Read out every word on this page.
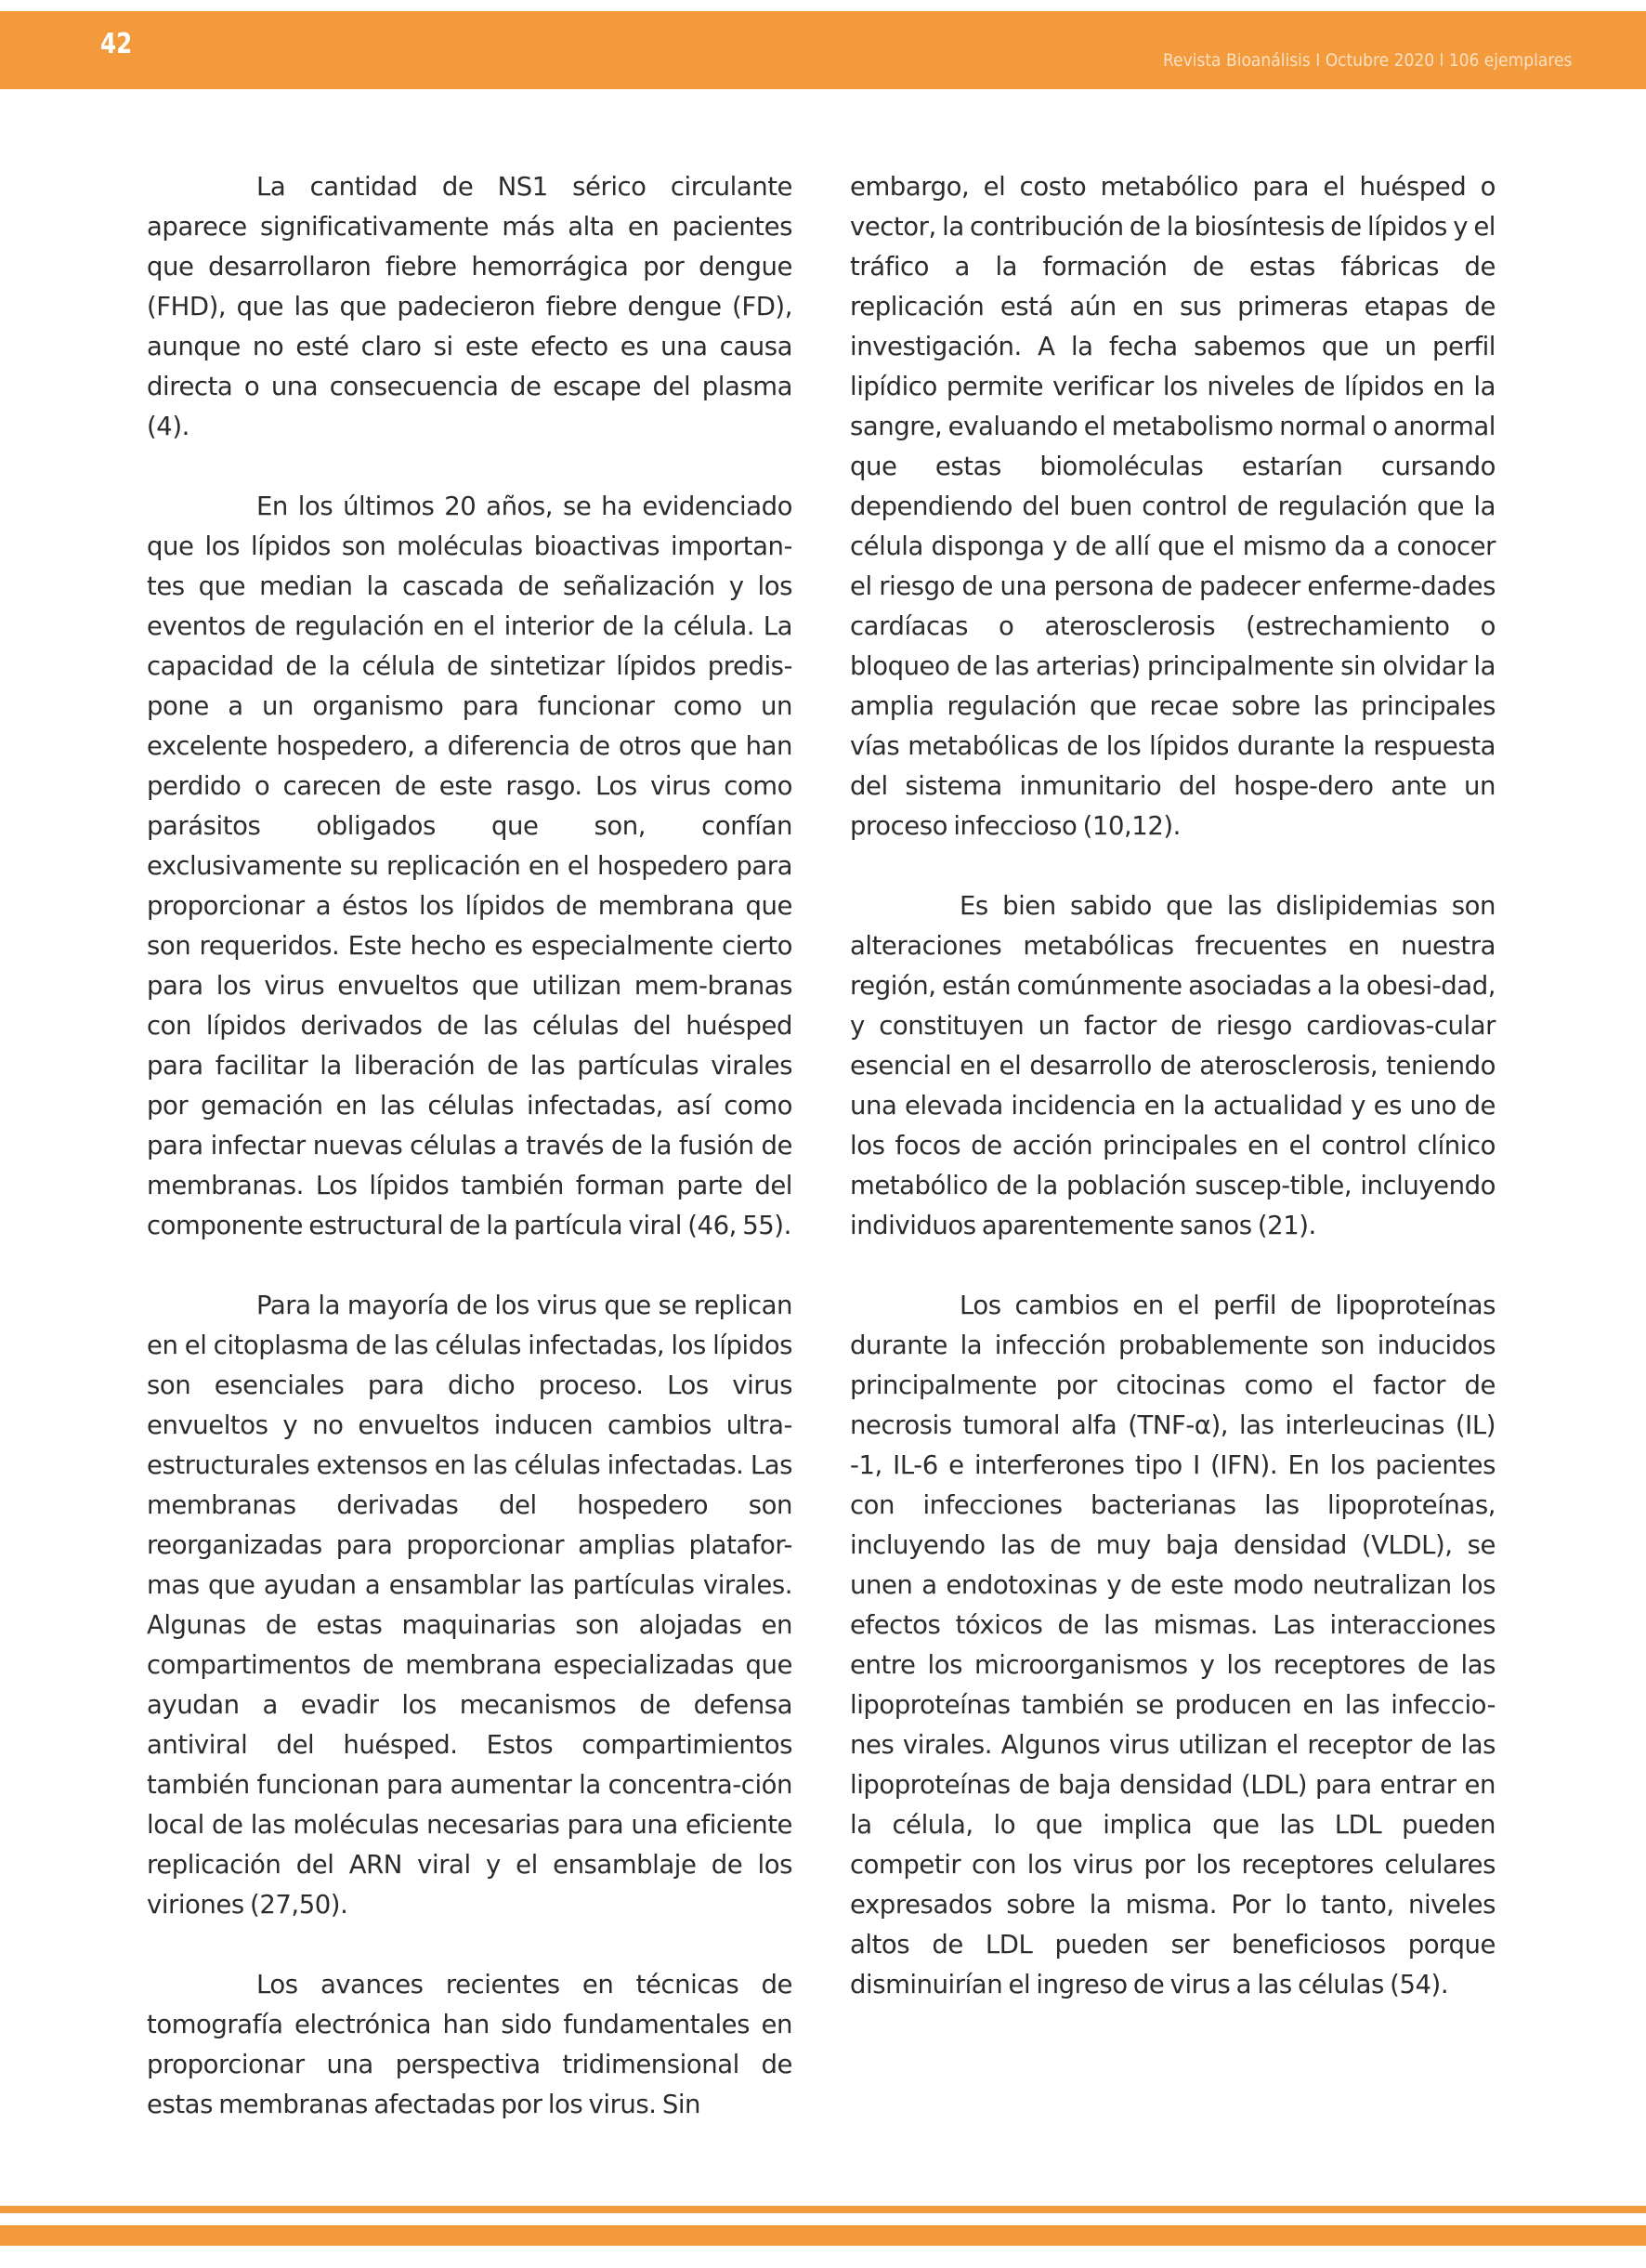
42	Revista Bioanálisis I Octubre 2020 l 106 ejemplares

La cantidad de NS1 sérico circulante aparece significativamente más alta en pacientes que desarrollaron fiebre hemorrágica por dengue (FHD), que las que padecieron fiebre dengue (FD), aunque no esté claro si este efecto es una causa directa o una consecuencia de escape del plasma (4).

En los últimos 20 años, se ha evidenciado que los lípidos son moléculas bioactivas importan-tes que median la cascada de señalización y los eventos de regulación en el interior de la célula. La capacidad de la célula de sintetizar lípidos predis-pone a un organismo para funcionar como un excelente hospedero, a diferencia de otros que han perdido o carecen de este rasgo. Los virus como parásitos obligados que son, confían exclusivamente su replicación en el hospedero para proporcionar a éstos los lípidos de membrana que son requeridos. Este hecho es especialmente cierto para los virus envueltos que utilizan mem-branas con lípidos derivados de las células del huésped para facilitar la liberación de las partículas virales por gemación en las células infectadas, así como para infectar nuevas células a través de la fusión de membranas. Los lípidos también forman parte del componente estructural de la partícula viral (46, 55).

Para la mayoría de los virus que se replican en el citoplasma de las células infectadas, los lípidos son esenciales para dicho proceso. Los virus envueltos y no envueltos inducen cambios ultra-estructurales extensos en las células infectadas. Las membranas derivadas del hospedero son reorganizadas para proporcionar amplias platafor-mas que ayudan a ensamblar las partículas virales. Algunas de estas maquinarias son alojadas en compartimentos de membrana especializadas que ayudan a evadir los mecanismos de defensa antiviral del huésped. Estos compartimientos también funcionan para aumentar la concentra-ción local de las moléculas necesarias para una eficiente replicación del ARN viral y el ensamblaje de los viriones (27,50).

Los avances recientes en técnicas de tomografía electrónica han sido fundamentales en proporcionar una perspectiva tridimensional de estas membranas afectadas por los virus. Sin

embargo, el costo metabólico para el huésped o vector, la contribución de la biosíntesis de lípidos y el tráfico a la formación de estas fábricas de replicación está aún en sus primeras etapas de investigación. A la fecha sabemos que un perfil lipídico permite verificar los niveles de lípidos en la sangre, evaluando el metabolismo normal o anormal que estas biomoléculas estarían cursando dependiendo del buen control de regulación que la célula disponga y de allí que el mismo da a conocer el riesgo de una persona de padecer enferme-dades cardíacas o aterosclerosis (estrechamiento o bloqueo de las arterias) principalmente sin olvidar la amplia regulación que recae sobre las principales vías metabólicas de los lípidos durante la respuesta del sistema inmunitario del hospe-dero ante un proceso infeccioso (10,12).

Es bien sabido que las dislipidemias son alteraciones metabólicas frecuentes en nuestra región, están comúnmente asociadas a la obesi-dad, y constituyen un factor de riesgo cardiovas-cular esencial en el desarrollo de aterosclerosis, teniendo una elevada incidencia en la actualidad y es uno de los focos de acción principales en el control clínico metabólico de la población suscep-tible, incluyendo individuos aparentemente sanos (21).

Los cambios en el perfil de lipoproteínas durante la infección probablemente son inducidos principalmente por citocinas como el factor de necrosis tumoral alfa (TNF-α), las interleucinas (IL) -1, IL-6 e interferones tipo I (IFN). En los pacientes con infecciones bacterianas las lipoproteínas, incluyendo las de muy baja densidad (VLDL), se unen a endotoxinas y de este modo neutralizan los efectos tóxicos de las mismas. Las interacciones entre los microorganismos y los receptores de las lipoproteínas también se producen en las infeccio-nes virales. Algunos virus utilizan el receptor de las lipoproteínas de baja densidad (LDL) para entrar en la célula, lo que implica que las LDL pueden competir con los virus por los receptores celulares expresados sobre la misma. Por lo tanto, niveles altos de LDL pueden ser beneficiosos porque disminuirían el ingreso de virus a las células (54).
